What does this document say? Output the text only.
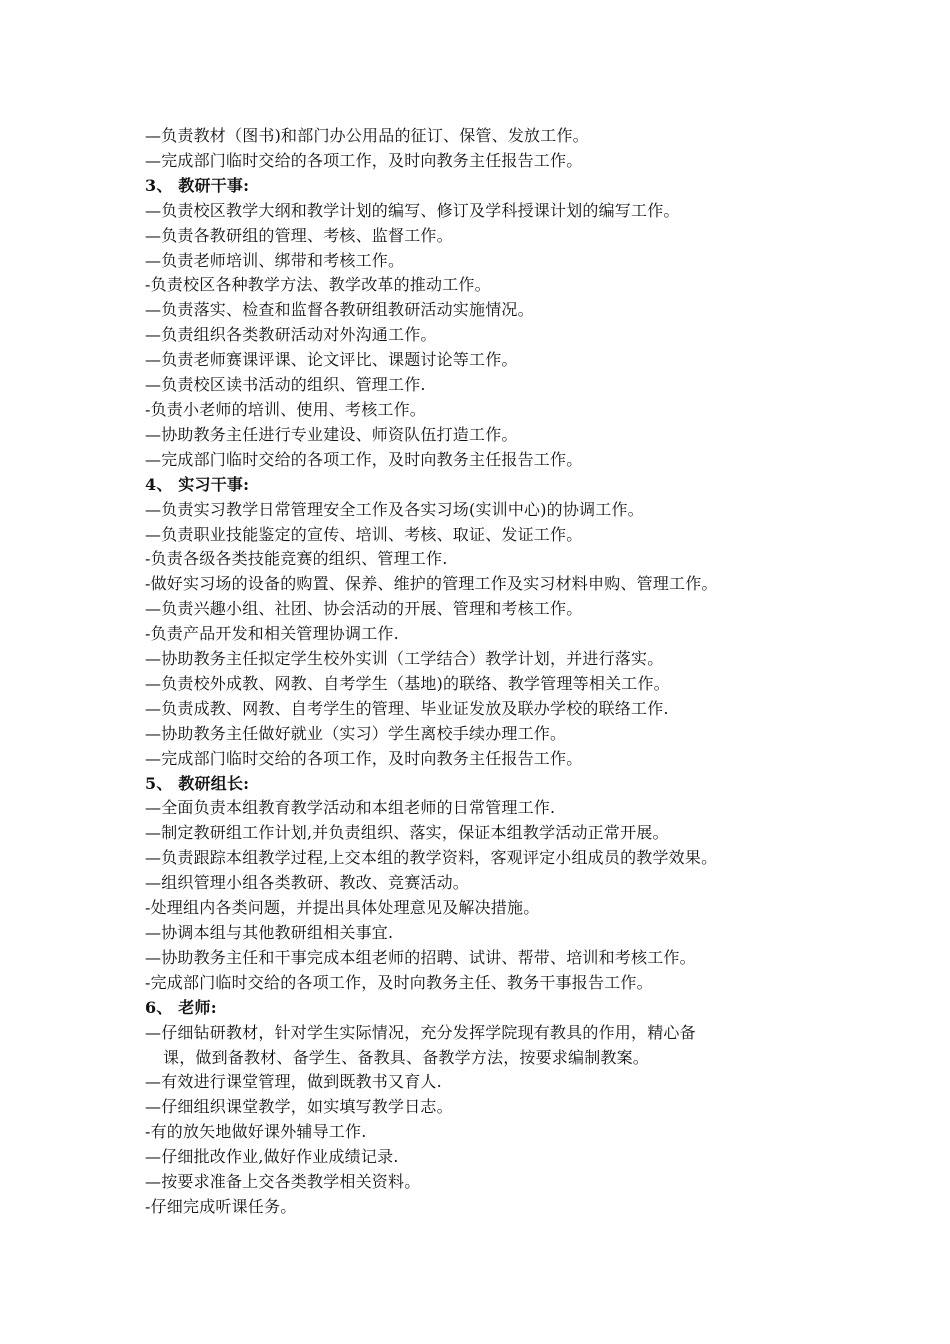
—负责教材（图书)和部门办公用品的征订、保管、发放工作。
—完成部门临时交给的各项工作，及时向教务主任报告工作。
3、 教研干事:
—负责校区教学大纲和教学计划的编写、修订及学科授课计划的编写工作。
—负责各教研组的管理、考核、监督工作。
—负责老师培训、绑带和考核工作。
-负责校区各种教学方法、教学改革的推动工作。
—负责落实、检查和监督各教研组教研活动实施情况。
—负责组织各类教研活动对外沟通工作。
—负责老师赛课评课、论文评比、课题讨论等工作。
—负责校区读书活动的组织、管理工作.
-负责小老师的培训、使用、考核工作。
—协助教务主任进行专业建设、师资队伍打造工作。
—完成部门临时交给的各项工作，及时向教务主任报告工作。
4、 实习干事:
—负责实习教学日常管理安全工作及各实习场(实训中心)的协调工作。
—负责职业技能鉴定的宣传、培训、考核、取证、发证工作。
-负责各级各类技能竞赛的组织、管理工作.
-做好实习场的设备的购置、保养、维护的管理工作及实习材料申购、管理工作。
—负责兴趣小组、社团、协会活动的开展、管理和考核工作。
-负责产品开发和相关管理协调工作.
—协助教务主任拟定学生校外实训（工学结合）教学计划，并进行落实。
—负责校外成教、网教、自考学生（基地)的联络、教学管理等相关工作。
—负责成教、网教、自考学生的管理、毕业证发放及联办学校的联络工作.
—协助教务主任做好就业（实习）学生离校手续办理工作。
—完成部门临时交给的各项工作，及时向教务主任报告工作。
5、 教研组长:
—全面负责本组教育教学活动和本组老师的日常管理工作.
—制定教研组工作计划,并负责组织、落实，保证本组教学活动正常开展。
—负责跟踪本组教学过程,上交本组的教学资料，客观评定小组成员的教学效果。
—组织管理小组各类教研、教改、竞赛活动。
-处理组内各类问题，并提出具体处理意见及解决措施。
—协调本组与其他教研组相关事宜.
—协助教务主任和干事完成本组老师的招聘、试讲、帮带、培训和考核工作。
-完成部门临时交给的各项工作，及时向教务主任、教务干事报告工作。
6、 老师:
—仔细钻研教材，针对学生实际情况，充分发挥学院现有教具的作用，精心备
课，做到备教材、备学生、备教具、备教学方法，按要求编制教案。
—有效进行课堂管理，做到既教书又育人.
—仔细组织课堂教学，如实填写教学日志。
-有的放矢地做好课外辅导工作.
—仔细批改作业,做好作业成绩记录.
—按要求准备上交各类教学相关资料。
-仔细完成听课任务。
